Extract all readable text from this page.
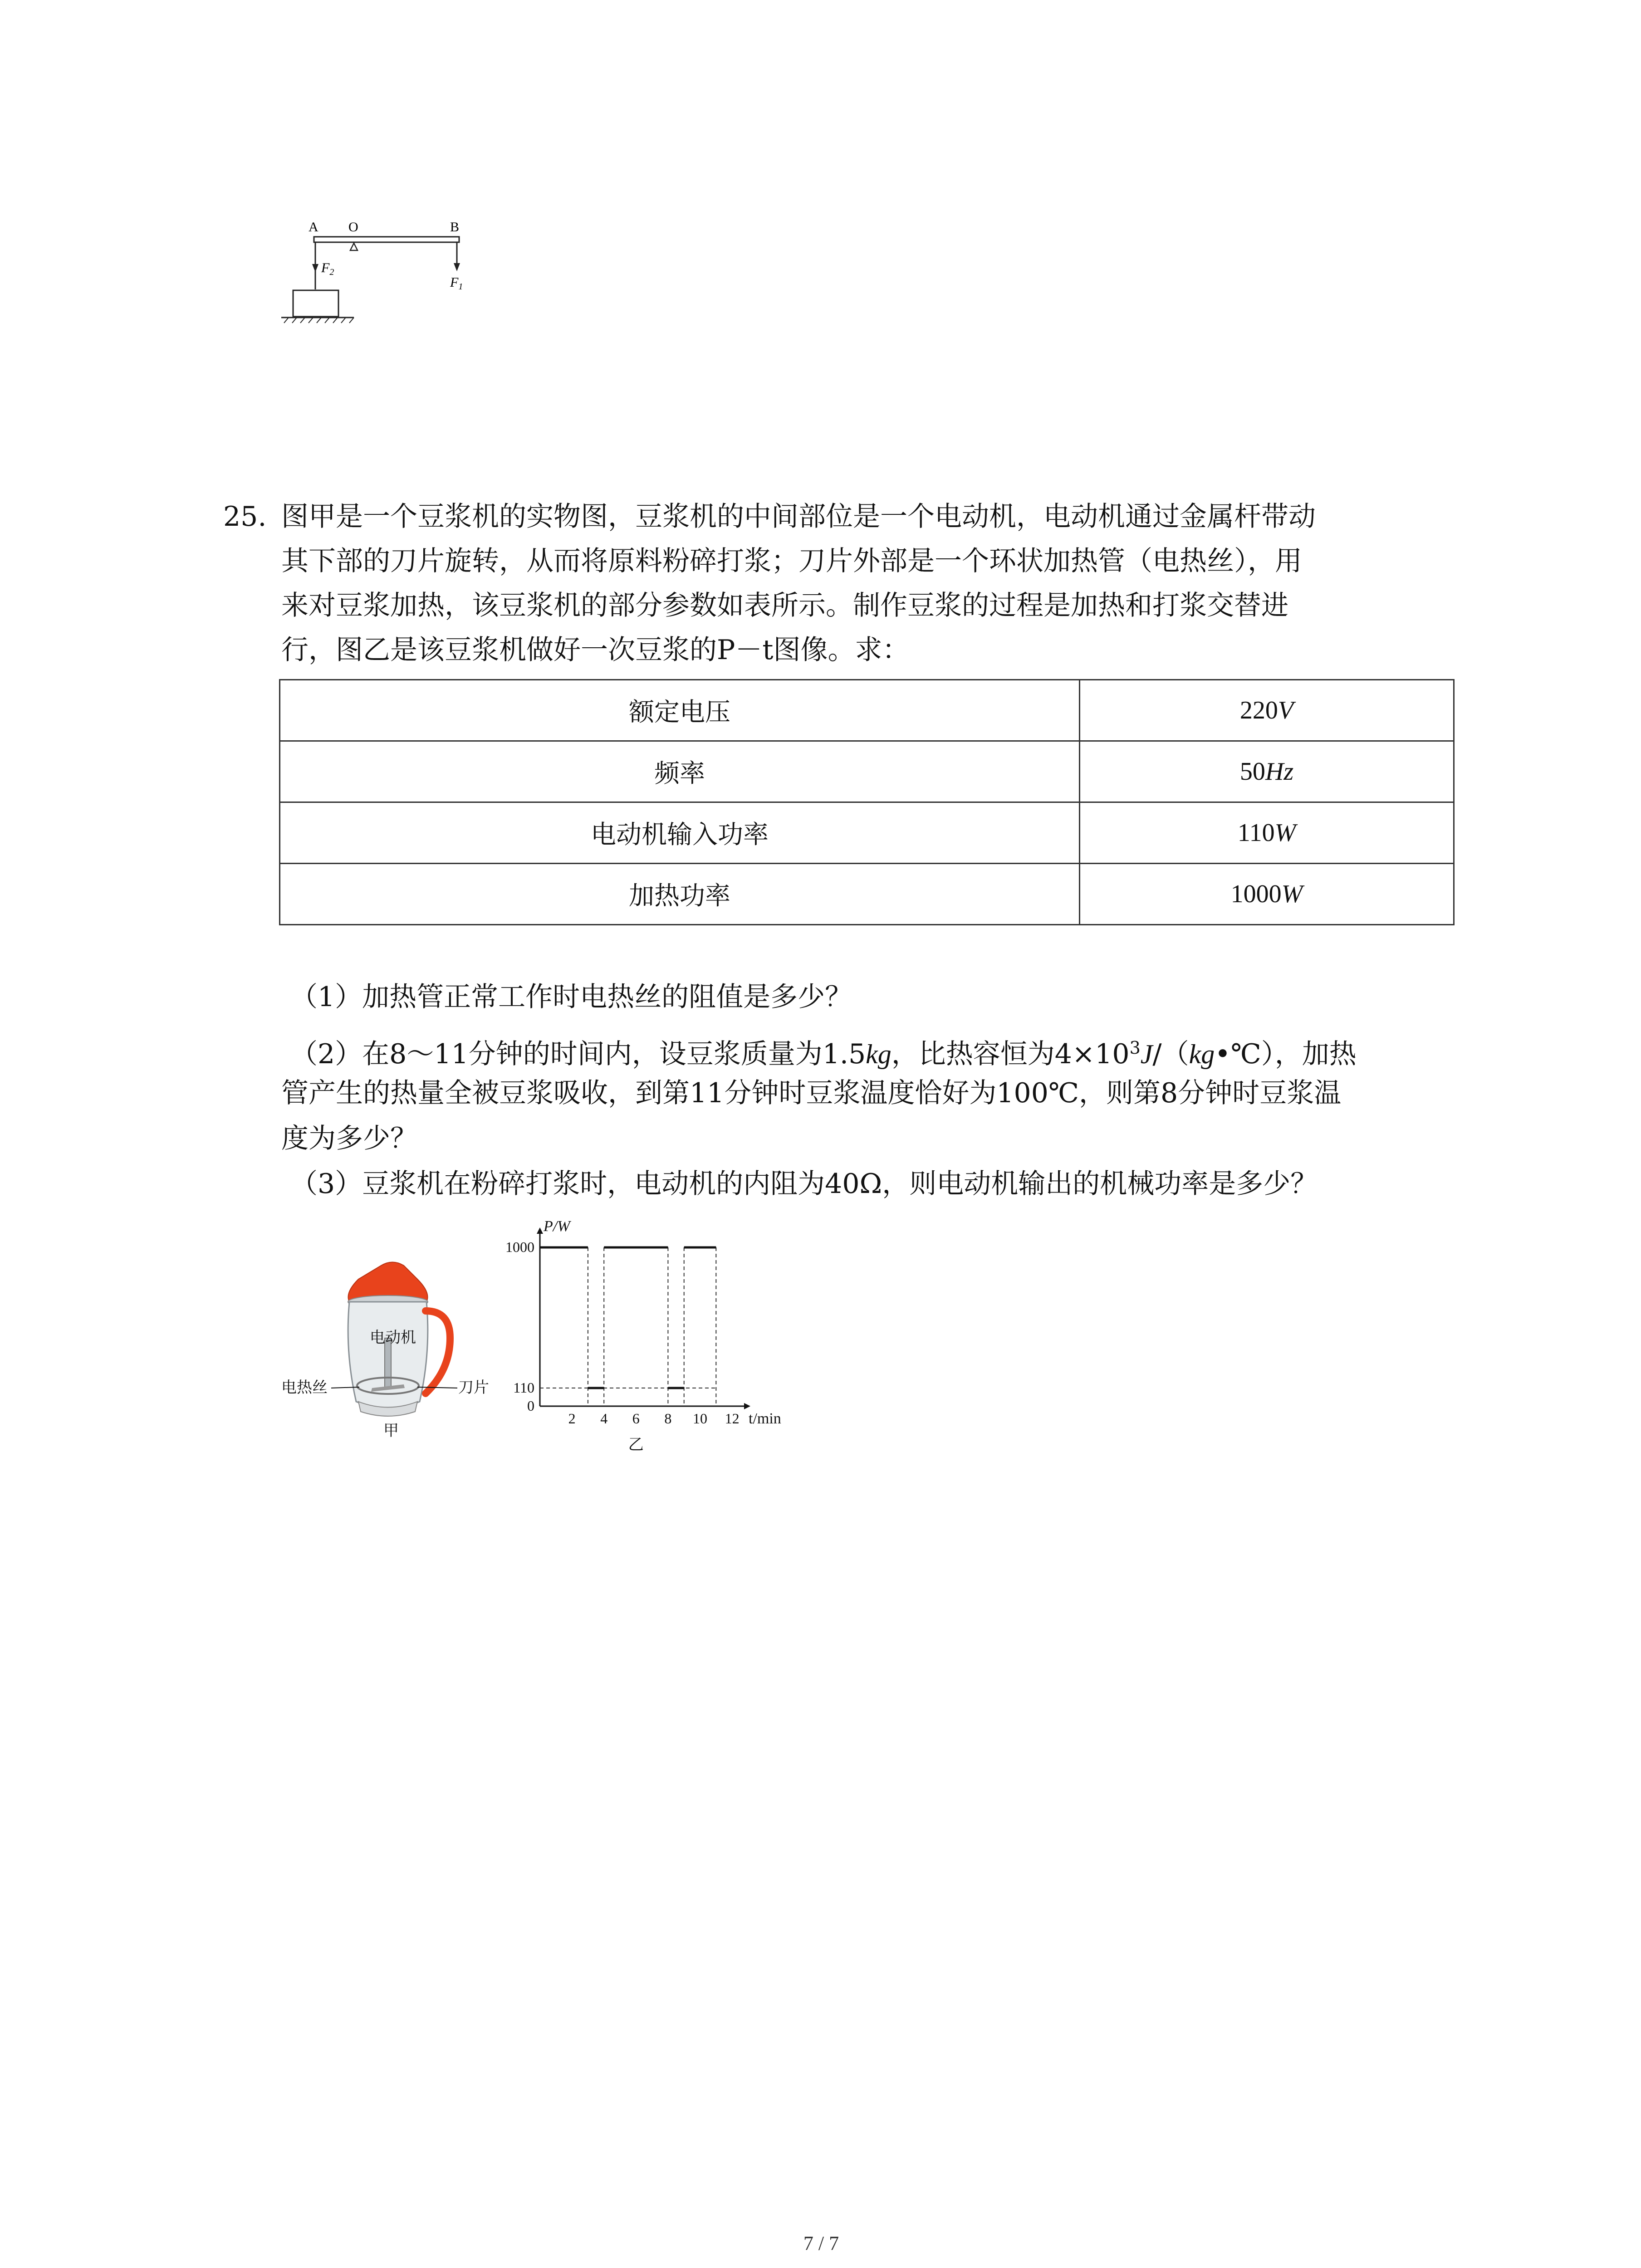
A O	B
$F_2$
$F_1$
25. 图甲是一个豆浆机的实物图，豆浆机的中间部位是一个电动机，电动机通过金属杆带动
其下部的刀片旋转，从而将原料粉碎打浆；刀片外部是一个环状加热管（电热丝），用
来对豆浆加热，该豆浆机的部分参数如表所示。制作豆浆的过程是加热和打浆交替进
行，图乙是该豆浆机做好一次豆浆的P－t图像。求：
额定电压	220V
频率	50Hz
电动机输入功率	110W
加热功率	1000W
（1）加热管正常工作时电热丝的阻值是多少？
（2）在8～11分钟的时间内，设豆浆质量为1.5kg，比热容恒为$4\times 10^3J/(kg•℃)$，加热
管产生的热量全被豆浆吸收，到第11分钟时豆浆温度恰好为100℃，则第8分钟时豆浆温
度为多少？
（3）豆浆机在粉碎打浆时，电动机的内阻为40Ω，则电动机输出的机械功率是多少？
电动机
电热丝	刀片
甲
P/W
t/min
110
1000
0
2 4 6 8 10 12
乙
7 / 7
